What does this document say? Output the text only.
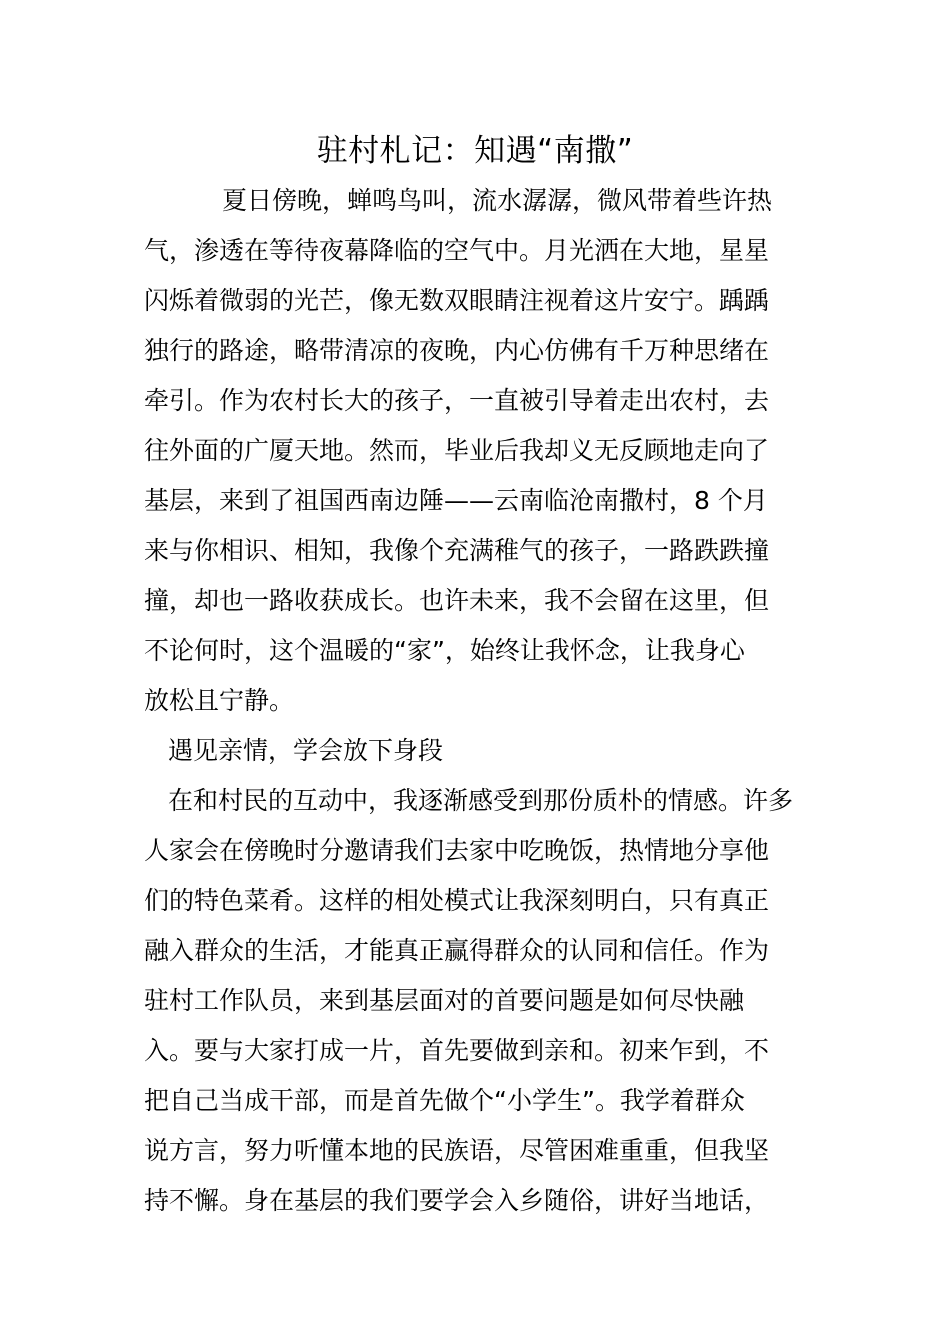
驻村札记：知遇“南撒”
夏日傍晚，蝉鸣鸟叫，流水潺潺，微风带着些许热
气，渗透在等待夜幕降临的空气中。月光洒在大地，星星
闪烁着微弱的光芒，像无数双眼睛注视着这片安宁。踽踽
独行的路途，略带清凉的夜晚，内心仿佛有千万种思绪在
牵引。作为农村长大的孩子，一直被引导着走出农村，去
往外面的广厦天地。然而，毕业后我却义无反顾地走向了
基层，来到了祖国西南边陲——云南临沧南撒村，8 个月
来与你相识、相知，我像个充满稚气的孩子，一路跌跌撞
撞，却也一路收获成长。也许未来，我不会留在这里，但
不论何时，这个温暖的“家”，始终让我怀念，让我身心
放松且宁静。
遇见亲情，学会放下身段
在和村民的互动中，我逐渐感受到那份质朴的情感。许多
人家会在傍晚时分邀请我们去家中吃晚饭，热情地分享他
们的特色菜肴。这样的相处模式让我深刻明白，只有真正
融入群众的生活，才能真正赢得群众的认同和信任。作为
驻村工作队员，来到基层面对的首要问题是如何尽快融
入。要与大家打成一片，首先要做到亲和。初来乍到，不
把自己当成干部，而是首先做个“小学生”。我学着群众
说方言，努力听懂本地的民族语，尽管困难重重，但我坚
持不懈。身在基层的我们要学会入乡随俗，讲好当地话，
